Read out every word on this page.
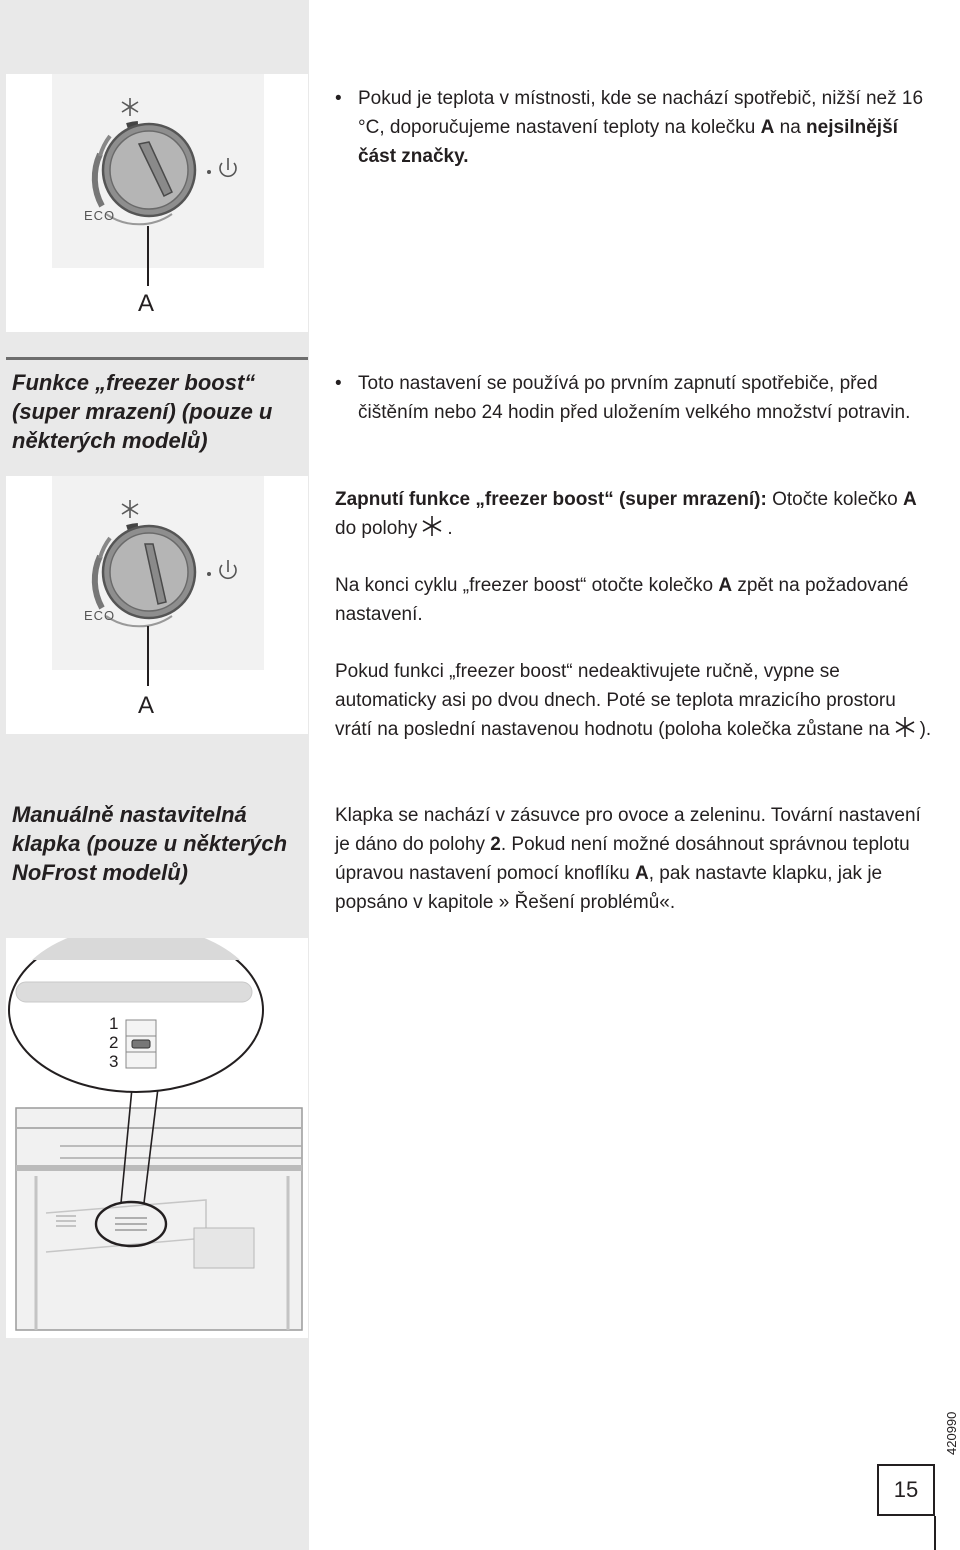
ECO
A
• Pokud je teplota v místnosti, kde se nachází spotřebič, nižší než 16 °C, doporučujeme nastavení teploty na kolečku A na nejsilnější část značky.
Funkce „freezer boost“ (super mrazení) (pouze u některých modelů)
• Toto nastavení se používá po prvním zapnutí spotřebiče, před čištěním nebo 24 hodin před uložením velkého množství potravin.
Zapnutí funkce „freezer boost“ (super mrazení): Otočte kolečko A do polohy .
Na konci cyklu „freezer boost“ otočte kolečko A zpět na požadované nastavení.
Pokud funkci „freezer boost“ nedeaktivujete ručně, vypne se automaticky asi po dvou dnech. Poté se teplota mrazicího prostoru vrátí na poslední nastavenou hodnotu (poloha kolečka zůstane na ).
ECO
A
Manuálně nastavitelná klapka (pouze u některých NoFrost modelů)
Klapka se nachází v zásuvce pro ovoce a zeleninu. Tovární nastavení je dáno do polohy 2. Pokud není možné dosáhnout správnou teplotu úpravou nastavení pomocí knoflíku A, pak nastavte klapku, jak je popsáno v kapitole » Řešení problémů«.
1
2
3
420990
15
